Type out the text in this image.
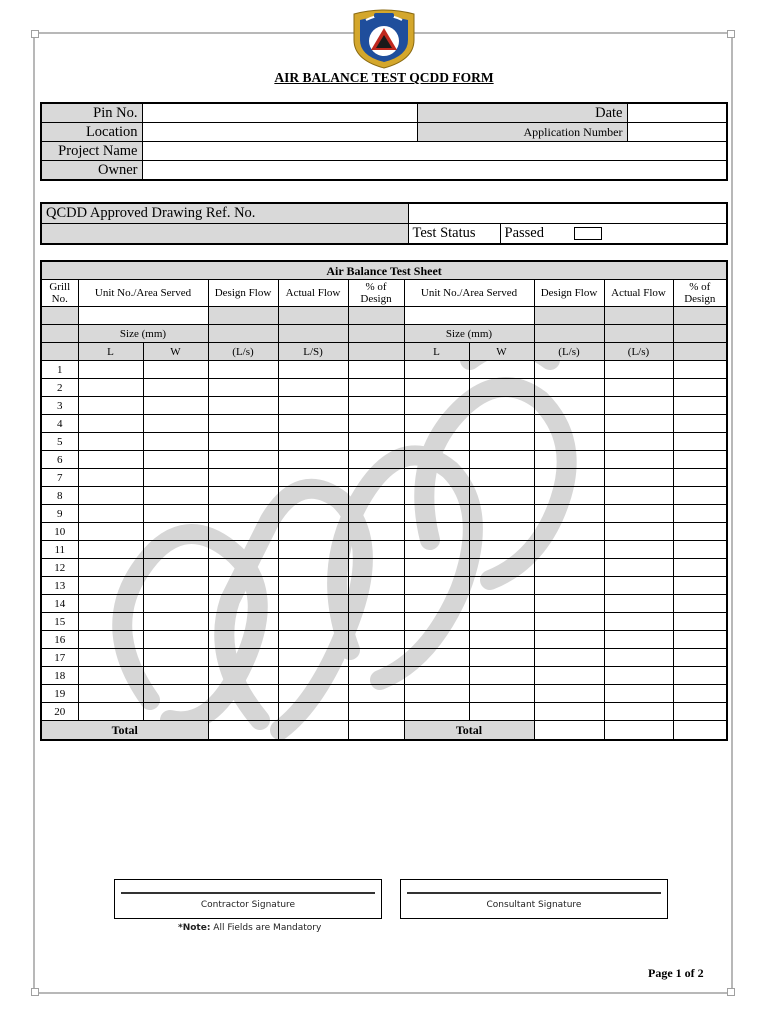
AIR BALANCE TEST QCDD FORM
Pin No.		Date	
Location		Application Number	
Project Name			
Owner			
QCDD Approved Drawing Ref. No.		
	Test Status	Passed
Air Balance Test Sheet										
Grill No.	Unit No./Area Served		Design Flow	Actual Flow	% of Design	Unit No./Area Served		Design Flow	Actual Flow	% of Design

	Size (mm)					Size (mm)				
	L	W	(L/s)	L/S)		L	W	(L/s)	(L/s)	
1										
2										
3										
4										
5										
6										
7										
8										
9										
10										
11										
12										
13										
14										
15										
16										
17										
18										
19										
20										
Total						Total				
Contractor Signature	Consultant Signature
*Note: All Fields are Mandatory
Page 1 of 2
